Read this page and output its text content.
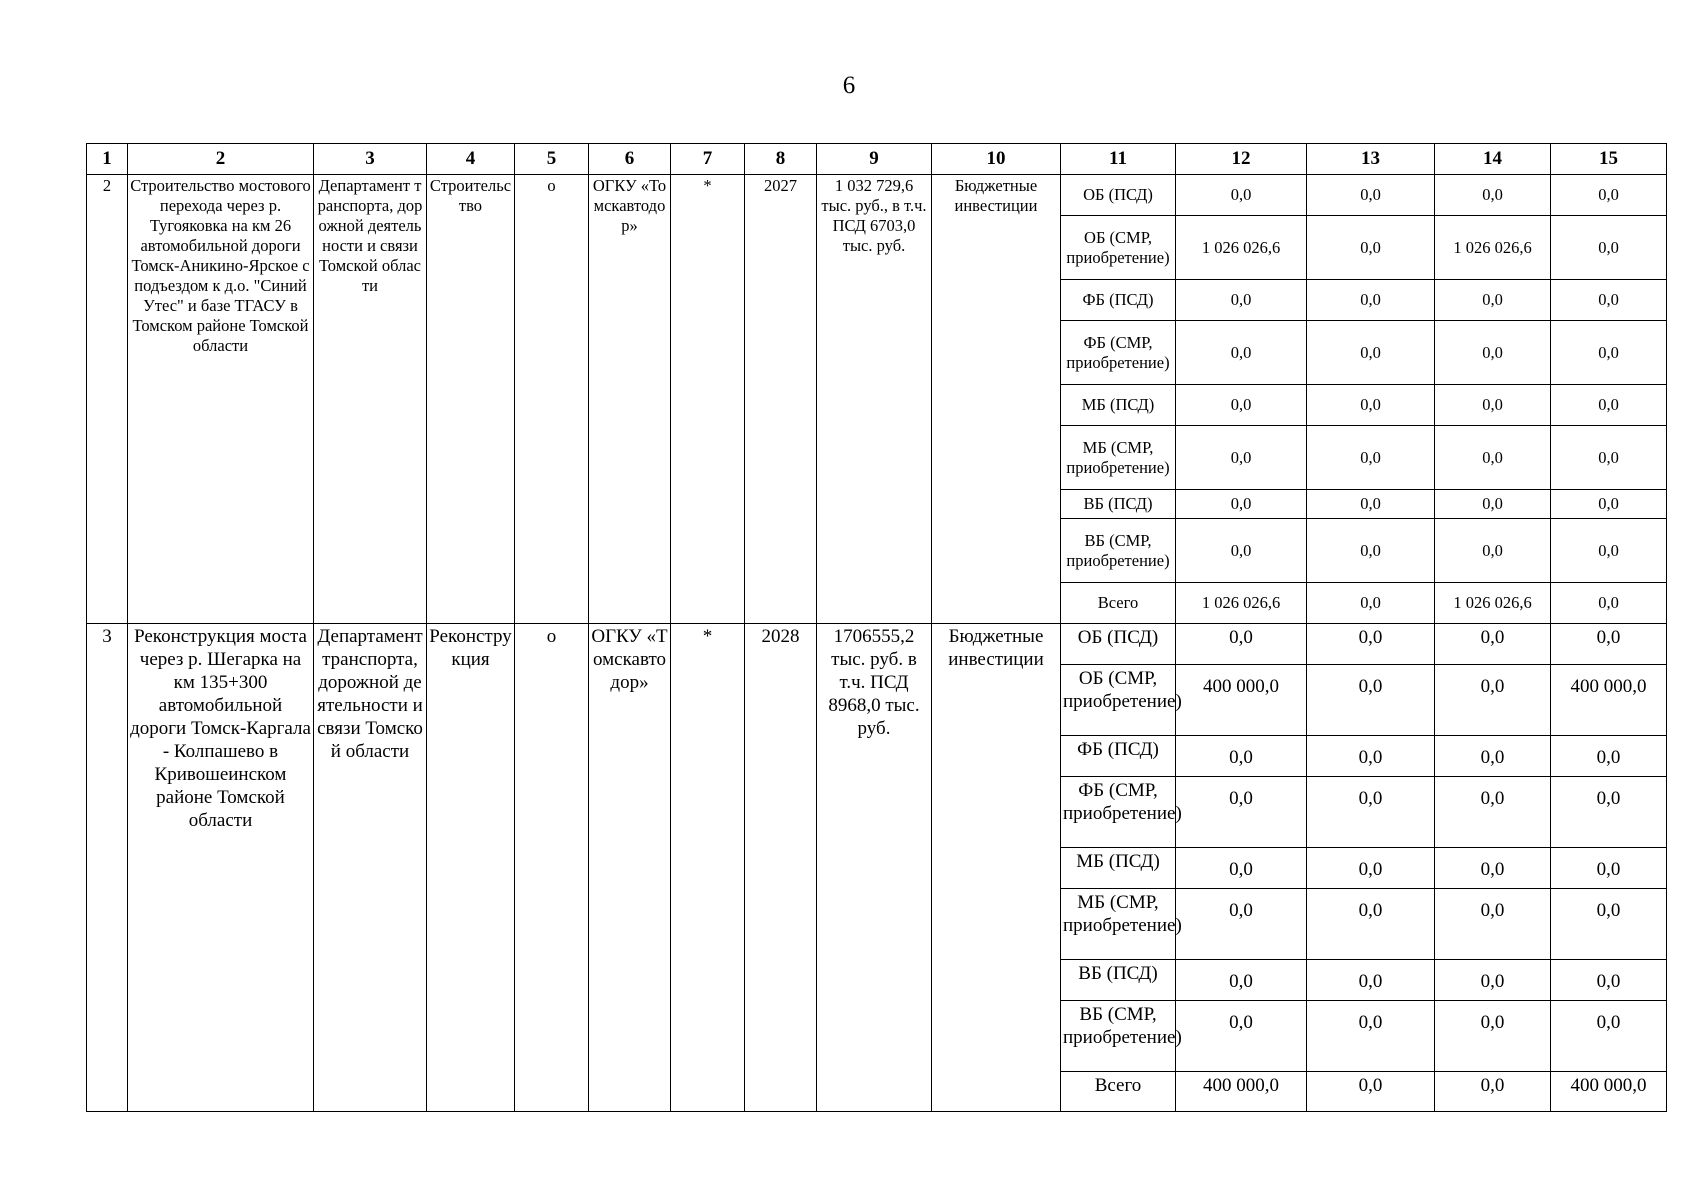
6
1	2	3	4	5	6	7	8	9	10	11	12	13	14	15
2	Строительство мостового перехода через р. Тугояковка на км 26 автомобильной дороги Томск-Аникино-Ярское с подъездом к д.о. "Синий Утес" и базе ТГАСУ в Томском районе Томской области	Департамент транспорта, дорожной деятельности и связи Томской области	Строительство	о	ОГКУ «Томскавтодор»	*	2027	1 032 729,6 тыс. руб., в т.ч. ПСД 6703,0 тыс. руб.	Бюджетные инвестиции	ОБ (ПСД)	0,0	0,0	0,0	0,0
										ОБ (СМР, приобретение)	1 026 026,6	0,0	1 026 026,6	0,0
										ФБ (ПСД)	0,0	0,0	0,0	0,0
										ФБ (СМР, приобретение)	0,0	0,0	0,0	0,0
										МБ (ПСД)	0,0	0,0	0,0	0,0
										МБ (СМР, приобретение)	0,0	0,0	0,0	0,0
										ВБ (ПСД)	0,0	0,0	0,0	0,0
										ВБ (СМР, приобретение)	0,0	0,0	0,0	0,0
										Всего	1 026 026,6	0,0	1 026 026,6	0,0
3	Реконструкция моста через р. Шегарка на км 135+300 автомобильной дороги Томск-Каргала - Колпашево в Кривошеинском районе Томской области	Департамент транспорта, дорожной деятельности и связи Томской области	Реконструкция	о	ОГКУ «Томскавтодор»	*	2028	1706555,2 тыс. руб. в т.ч. ПСД 8968,0 тыс. руб.	Бюджетные инвестиции	ОБ (ПСД)	0,0	0,0	0,0	0,0
										ОБ (СМР, приобретение)	400 000,0	0,0	0,0	400 000,0
										ФБ (ПСД)	0,0	0,0	0,0	0,0
										ФБ (СМР, приобретение)	0,0	0,0	0,0	0,0
										МБ (ПСД)	0,0	0,0	0,0	0,0
										МБ (СМР, приобретение)	0,0	0,0	0,0	0,0
										ВБ (ПСД)	0,0	0,0	0,0	0,0
										ВБ (СМР, приобретение)	0,0	0,0	0,0	0,0
										Всего	400 000,0	0,0	0,0	400 000,0
